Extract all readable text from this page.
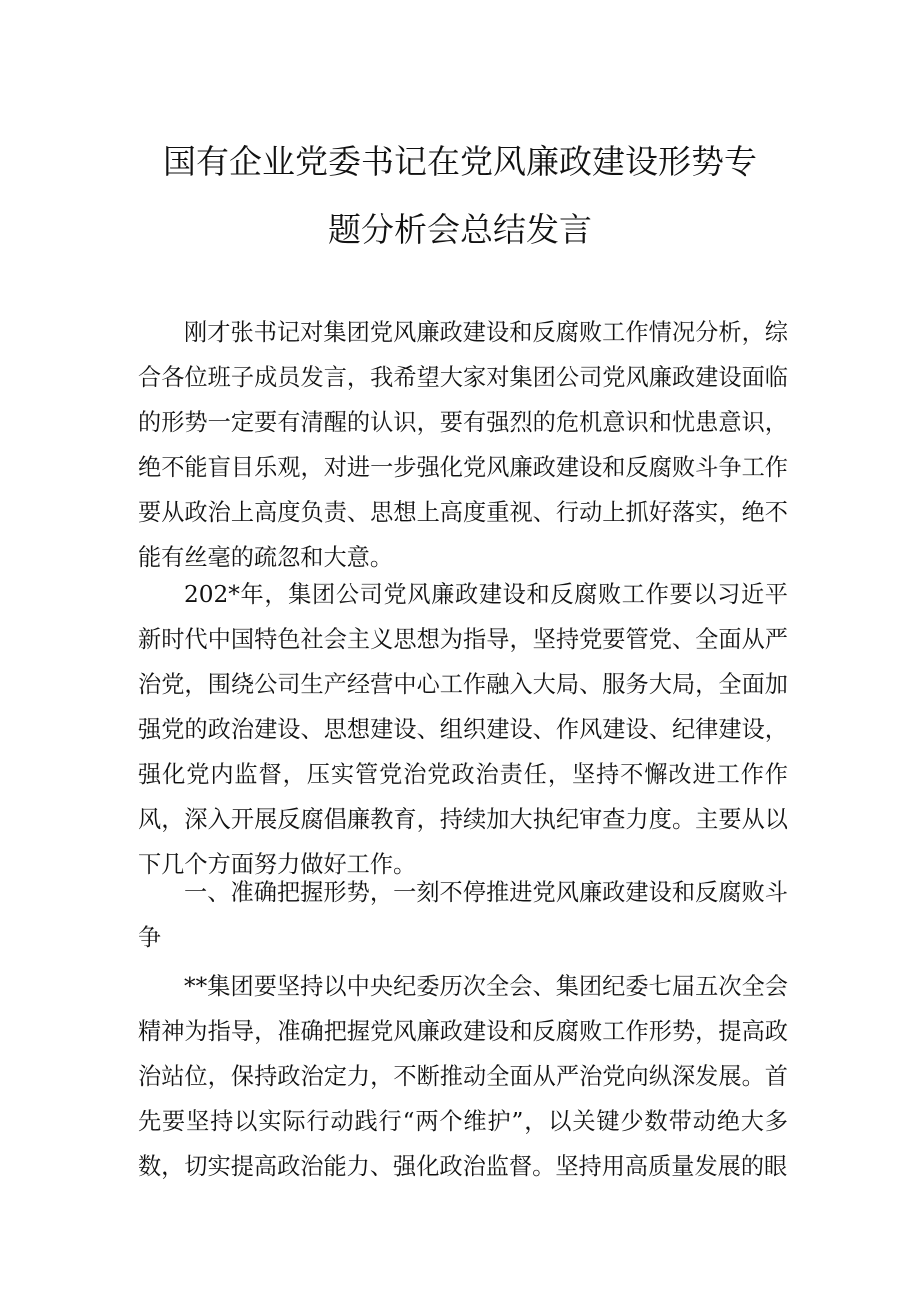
国有企业党委书记在党风廉政建设形势专
题分析会总结发言

刚才张书记对集团党风廉政建设和反腐败工作情况分析，综合各位班子成员发言，我希望大家对集团公司党风廉政建设面临的形势一定要有清醒的认识，要有强烈的危机意识和忧患意识，绝不能盲目乐观，对进一步强化党风廉政建设和反腐败斗争工作要从政治上高度负责、思想上高度重视、行动上抓好落实，绝不能有丝毫的疏忽和大意。

202*年，集团公司党风廉政建设和反腐败工作要以习近平新时代中国特色社会主义思想为指导，坚持党要管党、全面从严治党，围绕公司生产经营中心工作融入大局、服务大局，全面加强党的政治建设、思想建设、组织建设、作风建设、纪律建设，强化党内监督，压实管党治党政治责任，坚持不懈改进工作作风，深入开展反腐倡廉教育，持续加大执纪审查力度。主要从以下几个方面努力做好工作。

一、准确把握形势，一刻不停推进党风廉政建设和反腐败斗争

**集团要坚持以中央纪委历次全会、集团纪委七届五次全会精神为指导，准确把握党风廉政建设和反腐败工作形势，提高政治站位，保持政治定力，不断推动全面从严治党向纵深发展。首先要坚持以实际行动践行“两个维护”，以关键少数带动绝大多数，切实提高政治能力、强化政治监督。坚持用高质量发展的眼
